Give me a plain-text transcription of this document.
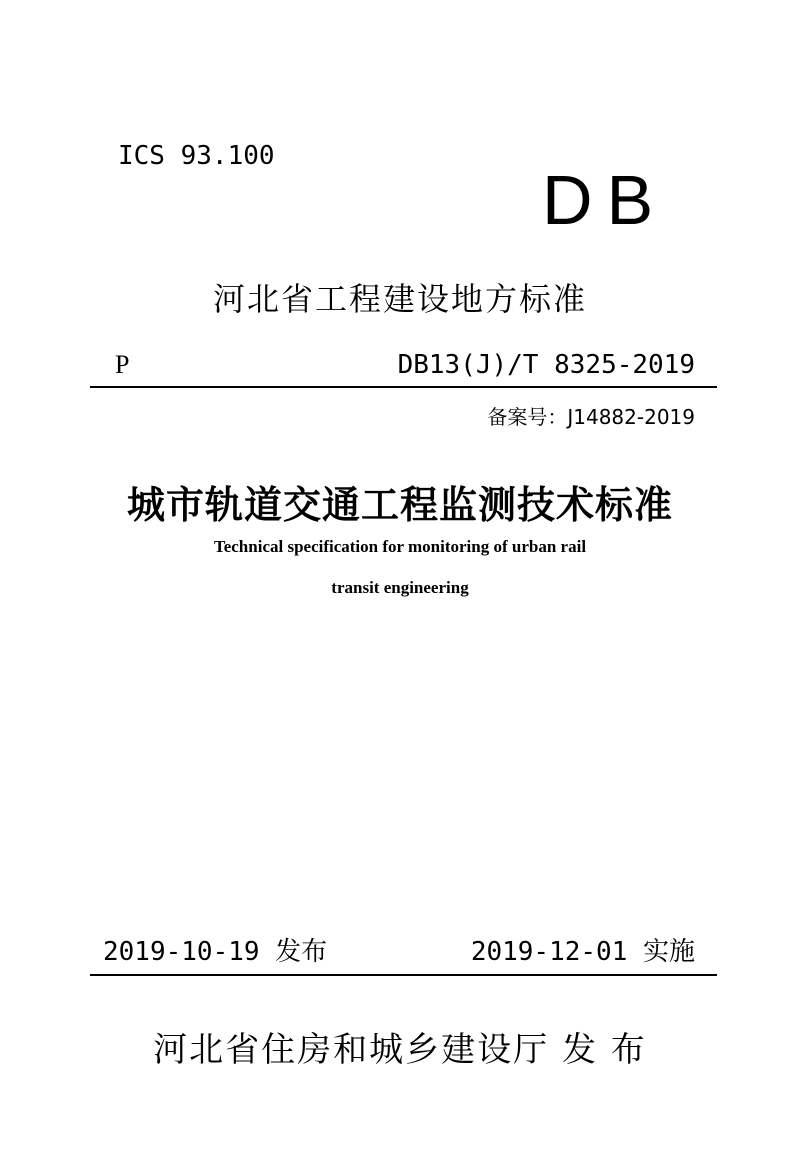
ICS 93.100
DB
河北省工程建设地方标准
P	DB13(J)/T 8325-2019
备案号：J14882-2019
城市轨道交通工程监测技术标准
Technical specification for monitoring of urban rail
transit engineering
2019-10-19 发布	2019-12-01 实施
河北省住房和城乡建设厅 发 布
